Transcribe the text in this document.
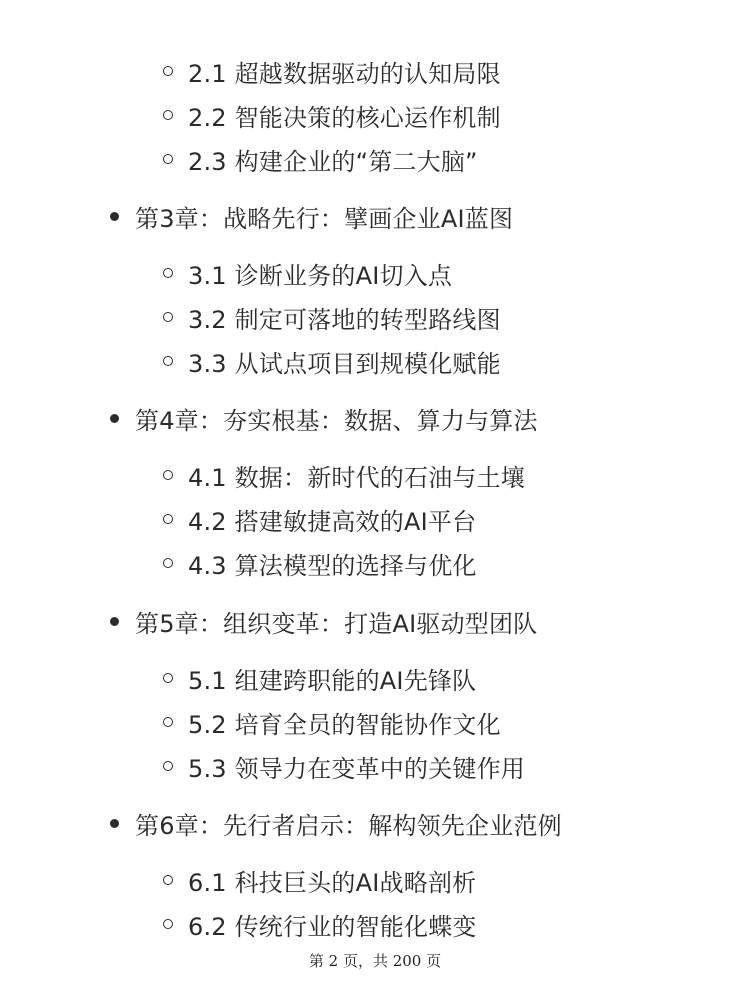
2.1 超越数据驱动的认知局限
2.2 智能决策的核心运作机制
2.3 构建企业的“第二大脑”
第3章：战略先行：擘画企业AI蓝图
3.1 诊断业务的AI切入点
3.2 制定可落地的转型路线图
3.3 从试点项目到规模化赋能
第4章：夯实根基：数据、算力与算法
4.1 数据：新时代的石油与土壤
4.2 搭建敏捷高效的AI平台
4.3 算法模型的选择与优化
第5章：组织变革：打造AI驱动型团队
5.1 组建跨职能的AI先锋队
5.2 培育全员的智能协作文化
5.3 领导力在变革中的关键作用
第6章：先行者启示：解构领先企业范例
6.1 科技巨头的AI战略剖析
6.2 传统行业的智能化蝶变
第 2 页，共 200 页
